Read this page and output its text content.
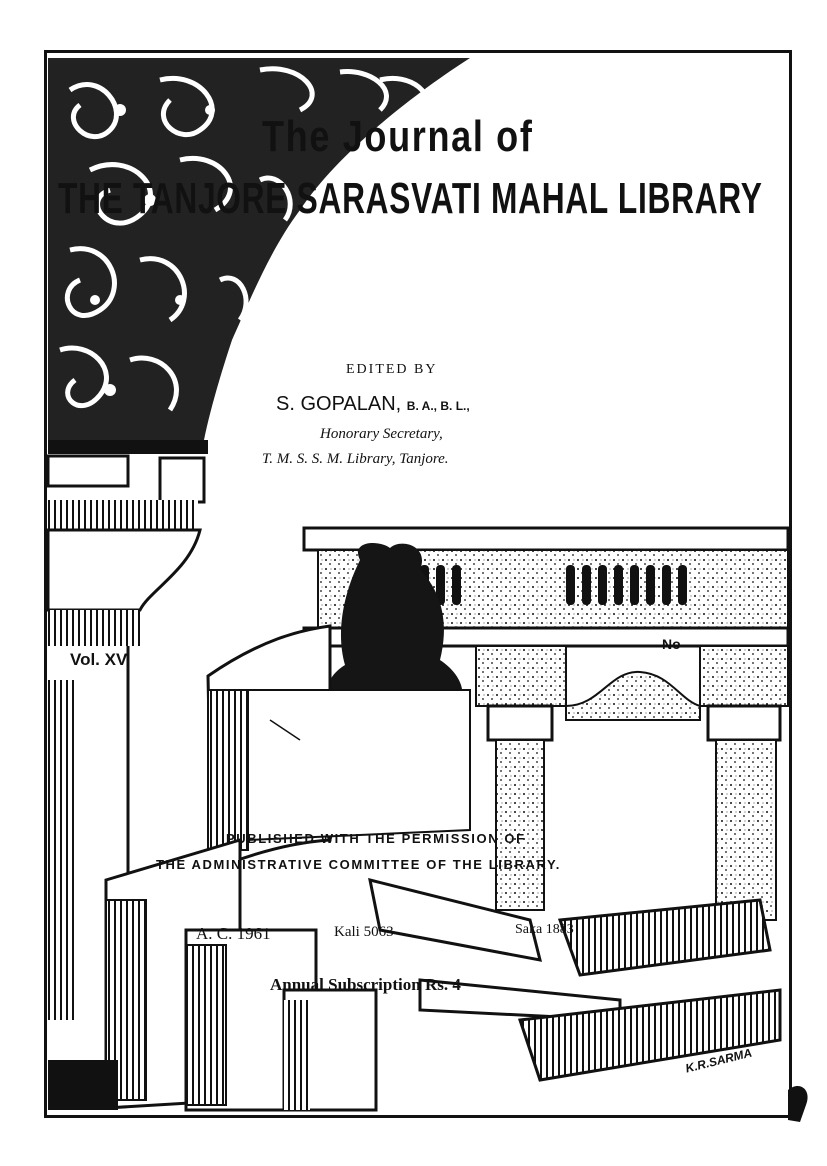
The Journal of
THE TANJORE SARASVATI MAHAL LIBRARY
EDITED BY
S. GOPALAN, B. A., B. L.,
Honorary Secretary,
T. M. S. S. M. Library, Tanjore.
Vol. XV.
No
PUBLISHED WITH THE PERMISSION OF
THE ADMINISTRATIVE COMMITTEE OF THE LIBRARY.
A. C. 1961	Kali 5063	Saka 1883
Annual Subscription Rs. 4
K.R.SARMA
